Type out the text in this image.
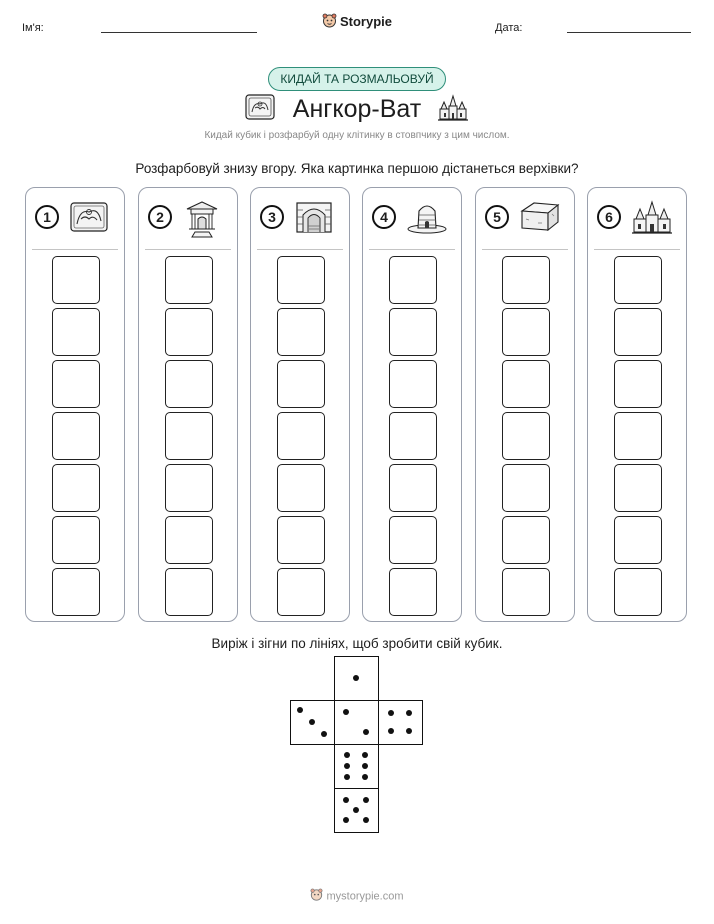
Ім'я:	Storypie	Дата:
КИДАЙ ТА РОЗМАЛЬОВУЙ
Ангкор-Ват
Кидай кубик і розфарбуй одну клітинку в стовпчику з цим числом.
Розфарбовуй знизу вгору. Яка картинка першою дістанеться верхівки?
1	2	3	4	5	6
Виріж і зігни по лініях, щоб зробити свій кубик.
mystorypie.com
